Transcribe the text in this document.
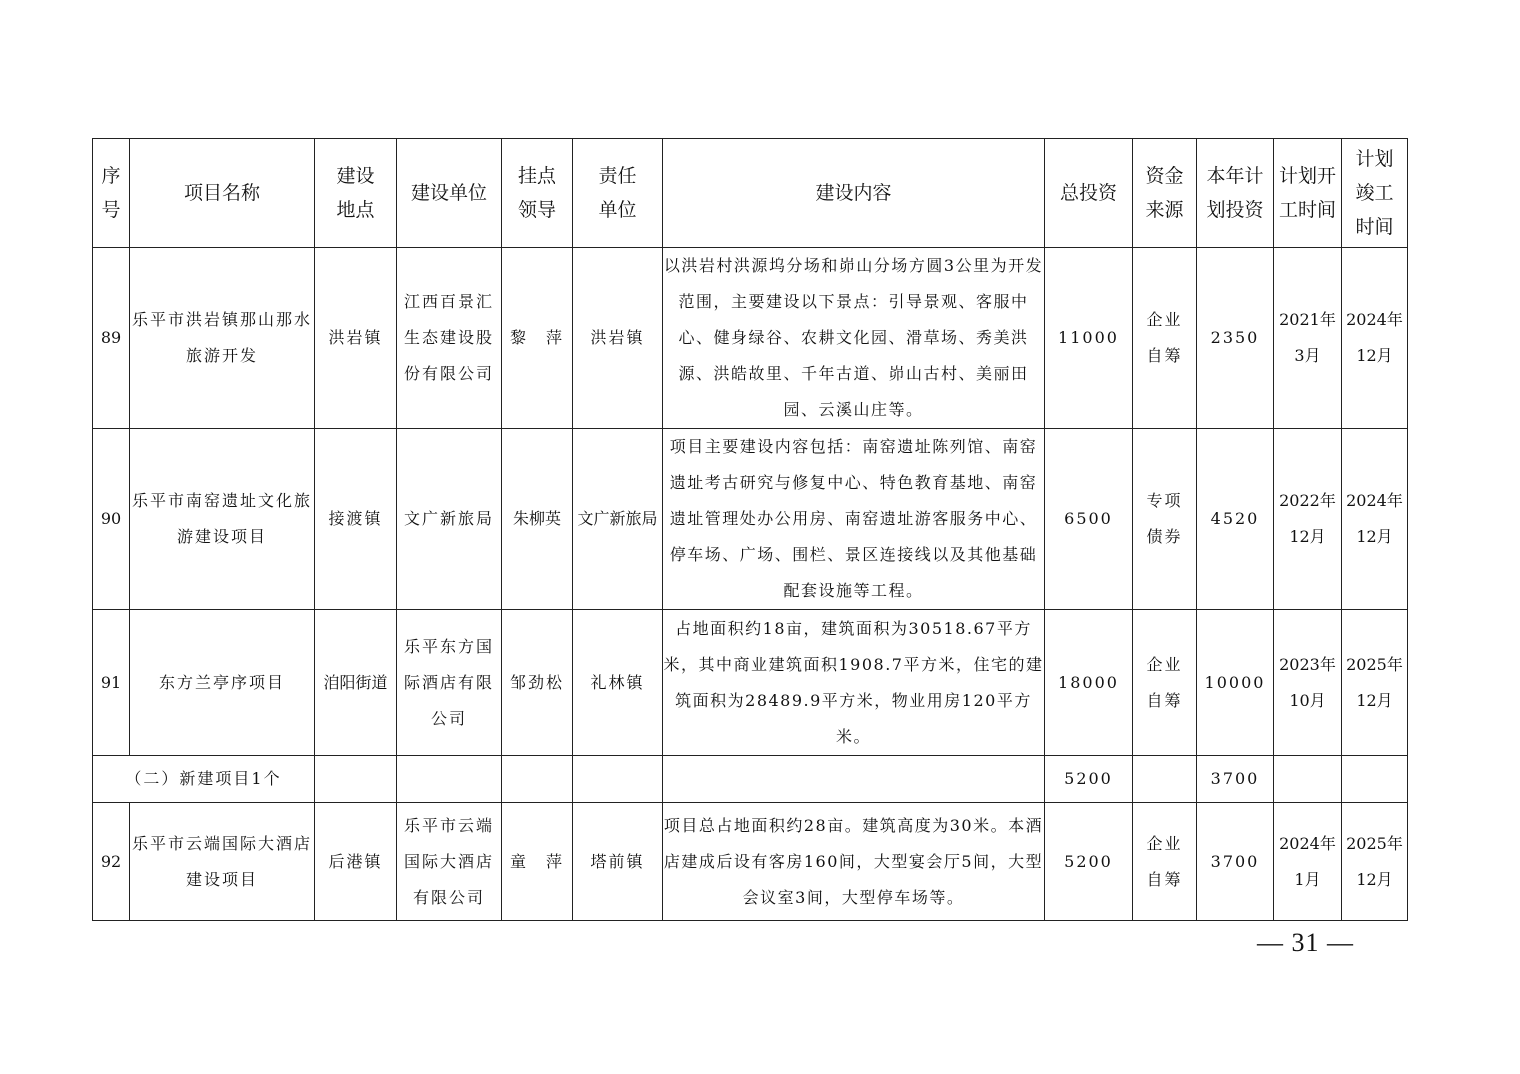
序号	项目名称	建设地点	建设单位	挂点领导	责任单位	建设内容	总投资	资金来源	本年计划投资	计划开工时间	计划竣工时间
89	乐平市洪岩镇那山那水旅游开发	洪岩镇	江西百景汇生态建设股份有限公司	黎　萍	洪岩镇	以洪岩村洪源坞分场和峁山分场方圆3公里为开发范围，主要建设以下景点：引导景观、客服中心、健身绿谷、农耕文化园、滑草场、秀美洪源、洪皓故里、千年古道、峁山古村、美丽田园、云溪山庄等。	11000	企业自筹	2350	2021年3月	2024年12月
90	乐平市南窑遗址文化旅游建设项目	接渡镇	文广新旅局	朱柳英	文广新旅局	项目主要建设内容包括：南窑遗址陈列馆、南窑遗址考古研究与修复中心、特色教育基地、南窑遗址管理处办公用房、南窑遗址游客服务中心、停车场、广场、围栏、景区连接线以及其他基础配套设施等工程。	6500	专项债券	4520	2022年12月	2024年12月
91	东方兰亭序项目	洎阳街道	乐平东方国际酒店有限公司	邹劲松	礼林镇	占地面积约18亩，建筑面积为30518.67平方米，其中商业建筑面积1908.7平方米，住宅的建筑面积为28489.9平方米，物业用房120平方米。	18000	企业自筹	10000	2023年10月	2025年12月
（二）新建项目1个							5200		3700		
92	乐平市云端国际大酒店建设项目	后港镇	乐平市云端国际大酒店有限公司	童　萍	塔前镇	项目总占地面积约28亩。建筑高度为30米。本酒店建成后设有客房160间，大型宴会厅5间，大型会议室3间，大型停车场等。	5200	企业自筹	3700	2024年1月	2025年12月
— 31 —
